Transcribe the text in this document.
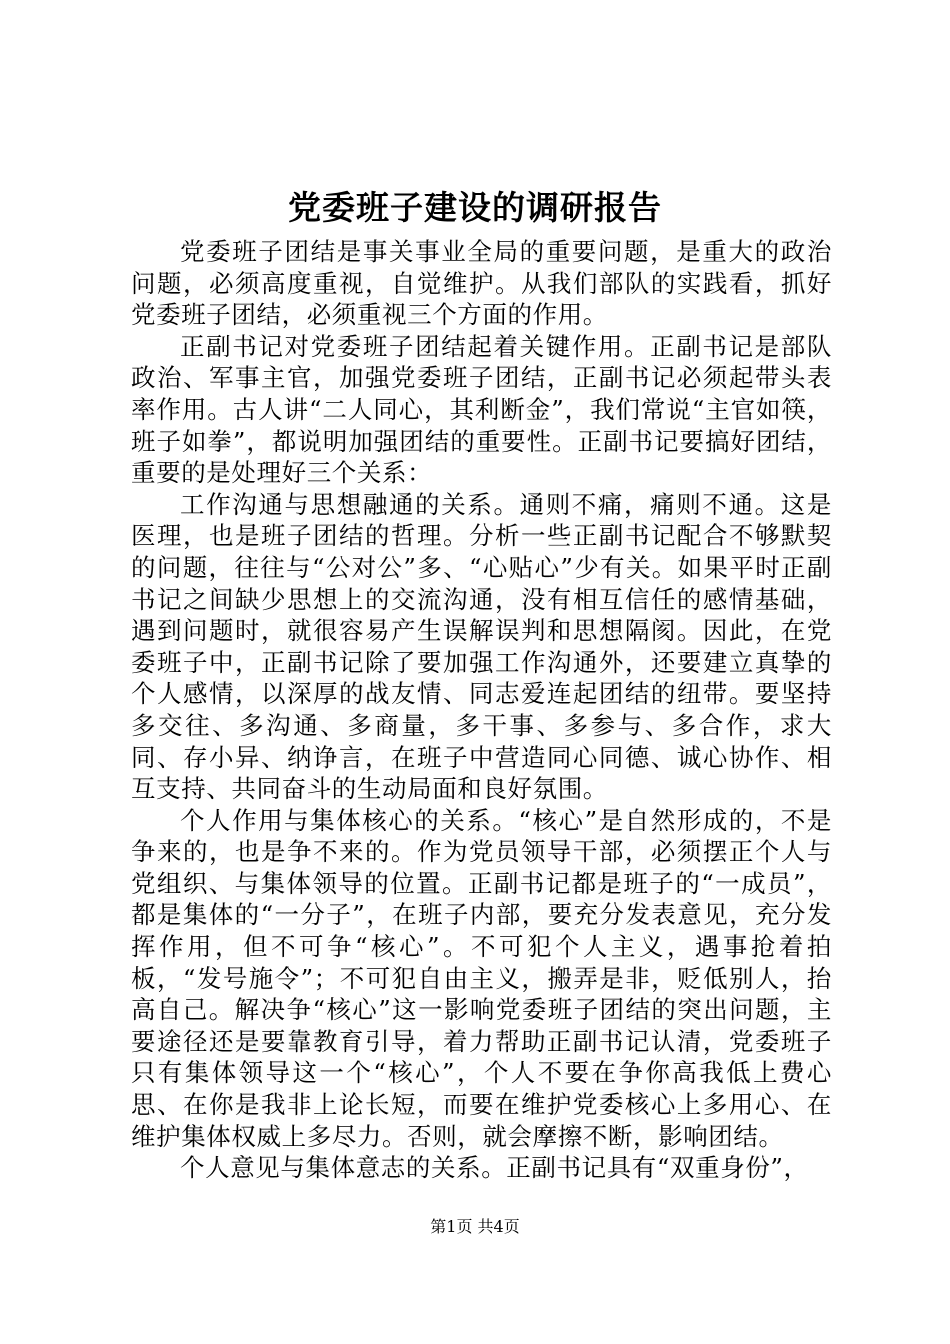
党委班子建设的调研报告

党委班子团结是事关事业全局的重要问题，是重大的政治问题，必须高度重视，自觉维护。从我们部队的实践看，抓好党委班子团结，必须重视三个方面的作用。

正副书记对党委班子团结起着关键作用。正副书记是部队政治、军事主官，加强党委班子团结，正副书记必须起带头表率作用。古人讲“二人同心，其利断金”，我们常说“主官如筷，班子如拳”，都说明加强团结的重要性。正副书记要搞好团结，重要的是处理好三个关系：

工作沟通与思想融通的关系。通则不痛，痛则不通。这是医理，也是班子团结的哲理。分析一些正副书记配合不够默契的问题，往往与“公对公”多、“心贴心”少有关。如果平时正副书记之间缺少思想上的交流沟通，没有相互信任的感情基础，遇到问题时，就很容易产生误解误判和思想隔阂。因此，在党委班子中，正副书记除了要加强工作沟通外，还要建立真挚的个人感情，以深厚的战友情、同志爱连起团结的纽带。要坚持多交往、多沟通、多商量，多干事、多参与、多合作，求大同、存小异、纳诤言，在班子中营造同心同德、诚心协作、相互支持、共同奋斗的生动局面和良好氛围。

个人作用与集体核心的关系。“核心”是自然形成的，不是争来的，也是争不来的。作为党员领导干部，必须摆正个人与党组织、与集体领导的位置。正副书记都是班子的“一成员”，都是集体的“一分子”，在班子内部，要充分发表意见，充分发挥作用，但不可争“核心”。不可犯个人主义，遇事抢着拍板，“发号施令”；不可犯自由主义，搬弄是非，贬低别人，抬高自己。解决争“核心”这一影响党委班子团结的突出问题，主要途径还是要靠教育引导，着力帮助正副书记认清，党委班子只有集体领导这一个“核心”，个人不要在争你高我低上费心思、在你是我非上论长短，而要在维护党委核心上多用心、在维护集体权威上多尽力。否则，就会摩擦不断，影响团结。

个人意见与集体意志的关系。正副书记具有“双重身份”，

第1页 共4页
